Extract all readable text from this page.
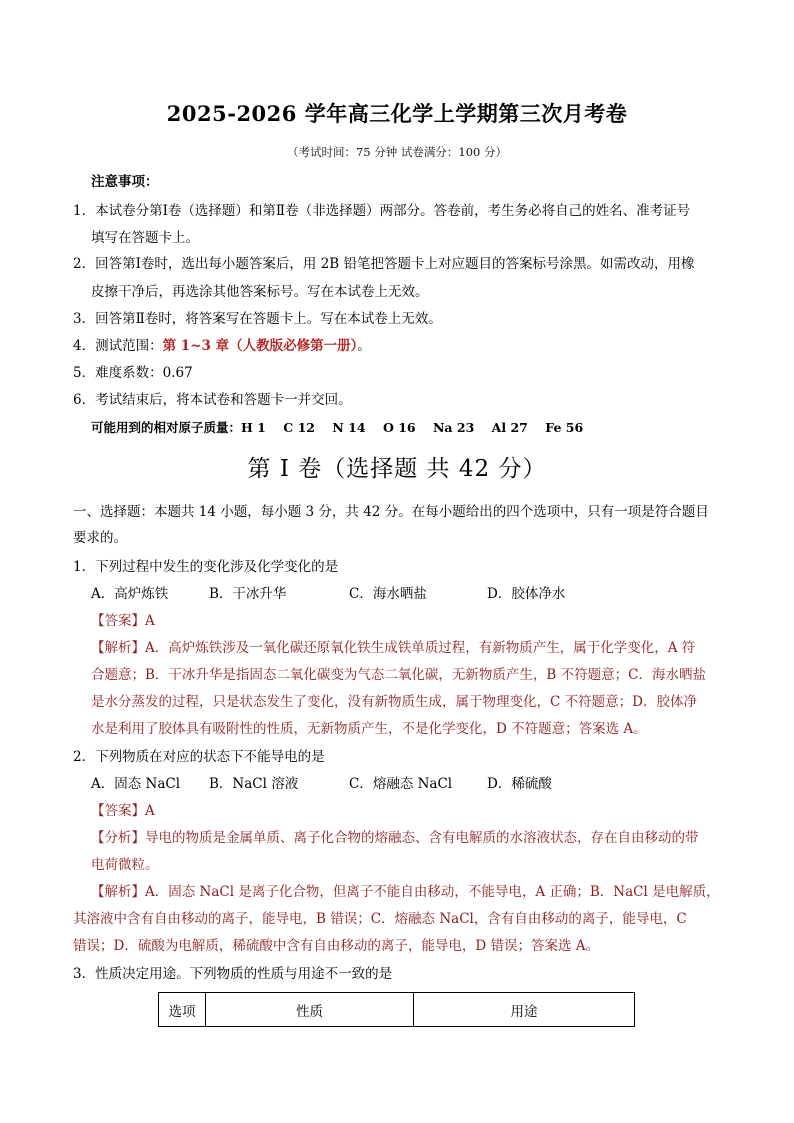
2025-2026 学年高三化学上学期第三次月考卷
（考试时间：75 分钟 试卷满分：100 分）
注意事项：
1．本试卷分第Ⅰ卷（选择题）和第Ⅱ卷（非选择题）两部分。答卷前，考生务必将自己的姓名、准考证号
填写在答题卡上。
2．回答第Ⅰ卷时，选出每小题答案后，用 2B 铅笔把答题卡上对应题目的答案标号涂黑。如需改动，用橡
皮擦干净后，再选涂其他答案标号。写在本试卷上无效。
3．回答第Ⅱ卷时，将答案写在答题卡上。写在本试卷上无效。
4．测试范围：第 1~3 章（人教版必修第一册）。
5．难度系数：0.67
6．考试结束后，将本试卷和答题卡一并交回。
可能用到的相对原子质量：H 1    C 12    N 14    O 16    Na 23    Al 27    Fe 56
第 I 卷（选择题 共 42 分）
一、选择题：本题共 14 小题，每小题 3 分，共 42 分。在每小题给出的四个选项中，只有一项是符合题目
要求的。
1．下列过程中发生的变化涉及化学变化的是
A．高炉炼铁	B．干冰升华	C．海水晒盐	D．胶体净水
【答案】A
【解析】A．高炉炼铁涉及一氧化碳还原氧化铁生成铁单质过程，有新物质产生，属于化学变化，A 符
合题意；B．干冰升华是指固态二氧化碳变为气态二氧化碳，无新物质产生，B 不符题意；C．海水晒盐
是水分蒸发的过程，只是状态发生了变化，没有新物质生成，属于物理变化，C 不符题意；D．胶体净
水是利用了胶体具有吸附性的性质，无新物质产生，不是化学变化，D 不符题意；答案选 A。
2．下列物质在对应的状态下不能导电的是
A．固态 NaCl B．NaCl 溶液	C．熔融态 NaCl	D．稀硫酸
【答案】A
【分析】导电的物质是金属单质、离子化合物的熔融态、含有电解质的水溶液状态，存在自由移动的带
电荷微粒。
【解析】A．固态 NaCl 是离子化合物，但离子不能自由移动，不能导电，A 正确；B．NaCl 是电解质，
其溶液中含有自由移动的离子，能导电，B 错误；C．熔融态 NaCl，含有自由移动的离子，能导电，C
错误；D．硫酸为电解质，稀硫酸中含有自由移动的离子，能导电，D 错误；答案选 A。
3．性质决定用途。下列物质的性质与用途不一致的是
选项	性质	用途
